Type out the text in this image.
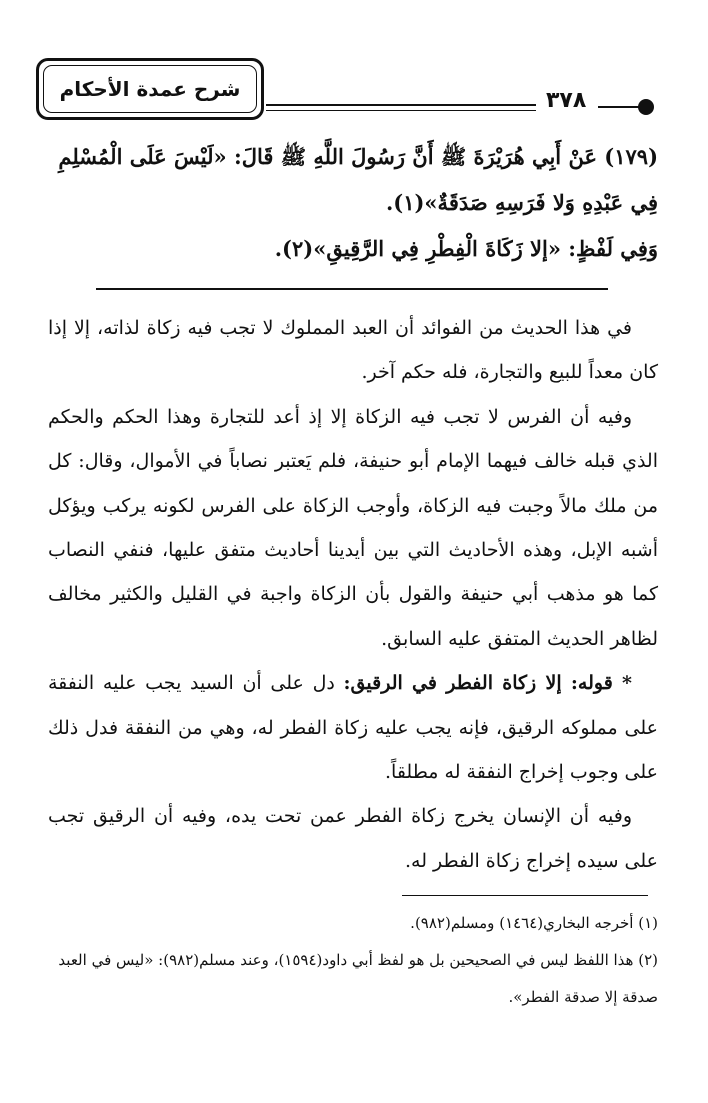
شرح عمدة الأحكام	٣٧٨
(١٧٩) عَنْ أَبِي هُرَيْرَةَ ﷺ أَنَّ رَسُولَ اللَّهِ ﷺ قَالَ: «لَيْسَ عَلَى الْمُسْلِمِ
فِي عَبْدِهِ وَلا فَرَسِهِ صَدَقَةٌ»(١).
وَفِي لَفْظٍ: «إلا زَكَاةَ الْفِطْرِ فِي الرَّقِيقِ»(٢).

في هذا الحديث من الفوائد أن العبد المملوك لا تجب فيه زكاة لذاته، إلا إذا كان معداً للبيع والتجارة، فله حكم آخر.

وفيه أن الفرس لا تجب فيه الزكاة إلا إذ أعد للتجارة وهذا الحكم والحكم الذي قبله خالف فيهما الإمام أبو حنيفة، فلم يَعتبر نصاباً في الأموال، وقال: كل من ملك مالاً وجبت فيه الزكاة، وأوجب الزكاة على الفرس لكونه يركب ويؤكل أشبه الإبل، وهذه الأحاديث التي بين أيدينا أحاديث متفق عليها، فنفي النصاب كما هو مذهب أبي حنيفة والقول بأن الزكاة واجبة في القليل والكثير مخالف لظاهر الحديث المتفق عليه السابق.

* قوله: إلا زكاة الفطر في الرقيق: دل على أن السيد يجب عليه النفقة على مملوكه الرقيق، فإنه يجب عليه زكاة الفطر له، وهي من النفقة فدل ذلك على وجوب إخراج النفقة له مطلقاً.

وفيه أن الإنسان يخرج زكاة الفطر عمن تحت يده، وفيه أن الرقيق تجب على سيده إخراج زكاة الفطر له.

(١) أخرجه البخاري(١٤٦٤) ومسلم(٩٨٢).

(٢) هذا اللفظ ليس في الصحيحين بل هو لفظ أبي داود(١٥٩٤)، وعند مسلم(٩٨٢): «ليس في العبد صدقة إلا صدقة الفطر».
